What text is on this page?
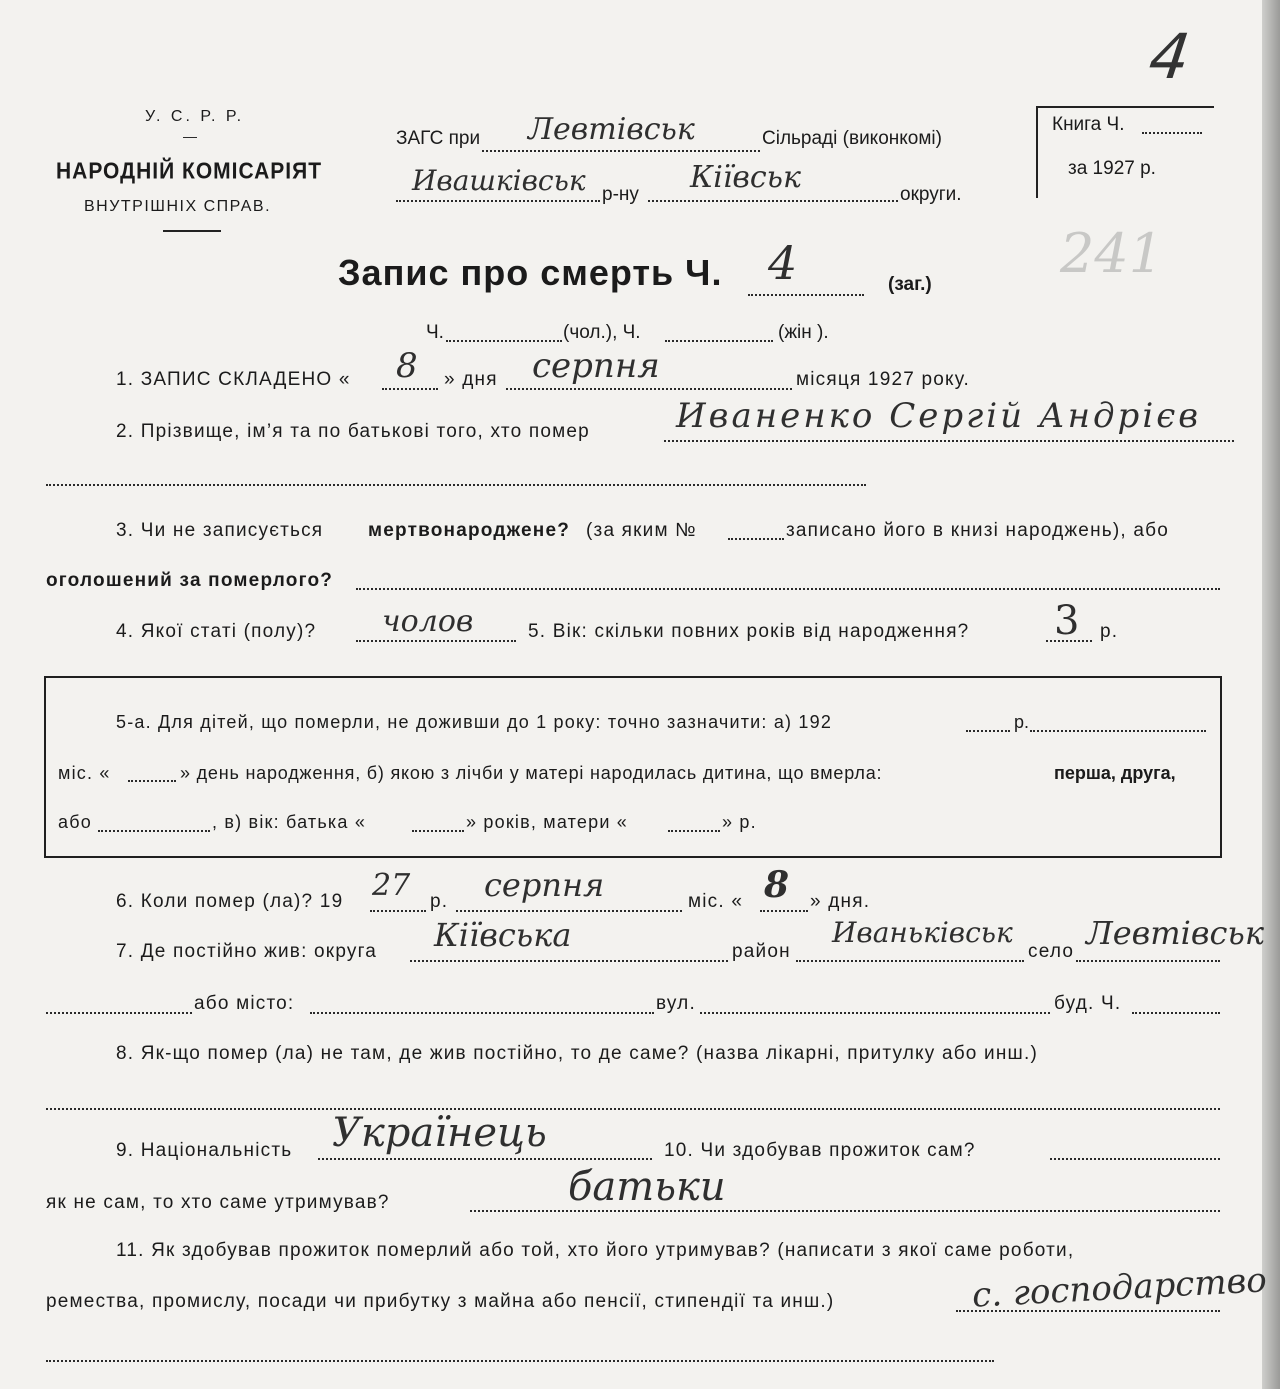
4
241
У. С. Р. Р.
—
НАРОДНІЙ КОМІСАРІЯТ
ВНУТРІШНІХ СПРАВ.
ЗАГС при Левтівськ	Сільраді (виконкомі)
Ивашківськ р-ну Кіївськ	округи.
Книга Ч.
за 1927 р.
Запис про смерть Ч. 4	(заг.)
Ч.	(чол.), Ч.	(жін ).
1. ЗАПИС СКЛАДЕНО « 8 » дня серпня	місяця 1927 року.
2. Прізвище, ім’я та по батькові того, хто помер	Иваненко Сергій Андрієв
3. Чи не записується мертвонароджене? (за яким №	записано його в книзі народжень), або
оголошений за померлого?
4. Якої статі (полу)? чолов	5. Вік: скільки повних років від народження? 3 р.
5-а. Для дітей, що померли, не доживши до 1 року: точно зазначити: а) 192	р.
міс. «	» день народження, б) якою з лічби у матері народилась дитина, що вмерла:	перша, друга,
або	, в) вік: батька «	» років, матери «	» р.
6. Коли помер (ла)? 19 27 р. серпня	міс. « 8 » дня.
7. Де постійно жив: округа Кіївська	район
Иваньківськ
село Левтівськ
або місто:	вул.	буд. Ч.
8. Як-що помер (ла) не там, де жив постійно, то де саме? (назва лікарні, притулку або инш.)
9. Національність Українець	10. Чи здобував прожиток сам?
як не сам, то хто саме утримував?	батьки
11. Як здобував прожиток померлий або той, хто його утримував? (написати з якої саме роботи,
ремества, промислу, посади чи прибутку з майна або пенсії, стипендії та инш.)	с. господарство
